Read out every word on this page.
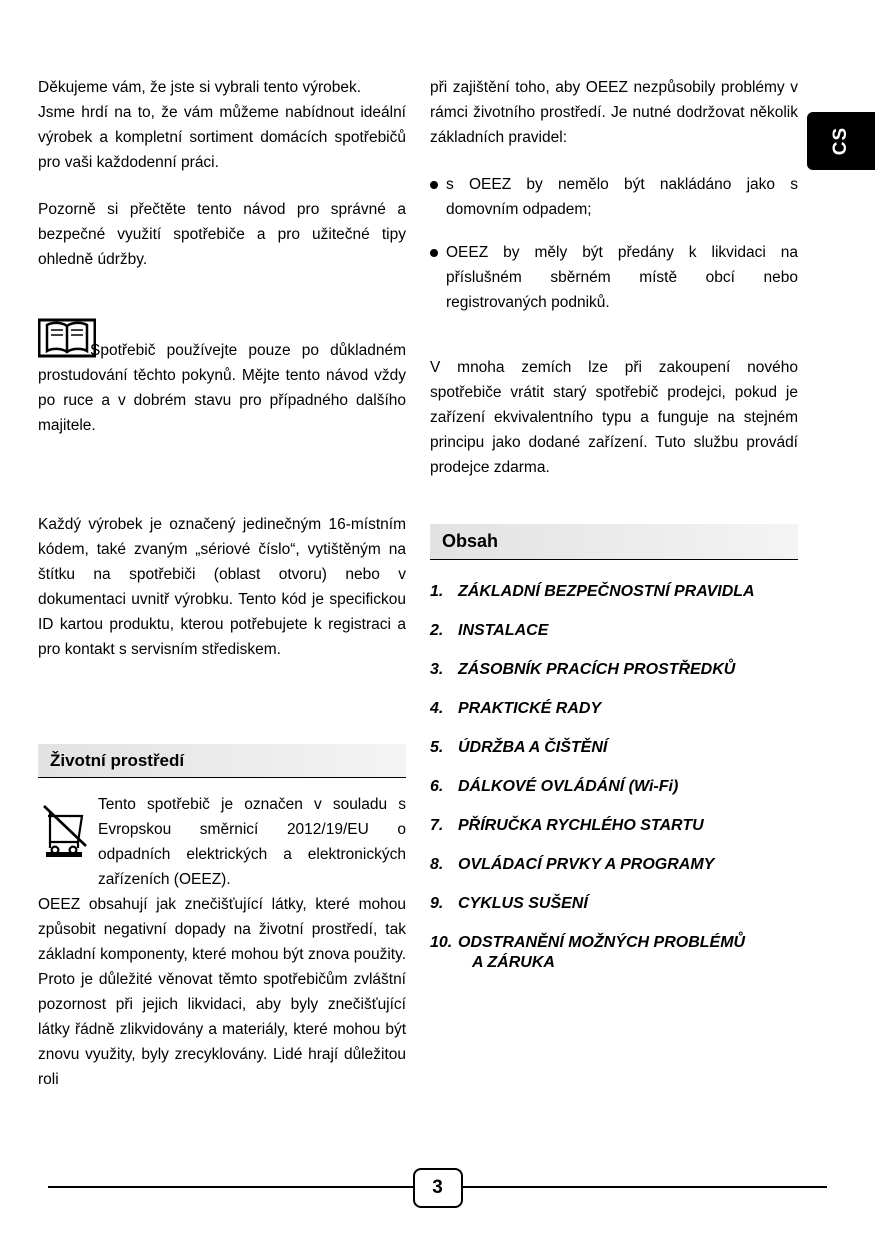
CS

Děkujeme vám, že jste si vybrali tento výrobek.

Jsme hrdí na to, že vám můžeme nabídnout ideální výrobek a kompletní sortiment domácích spotřebičů pro vaši každodenní práci.

Pozorně si přečtěte tento návod pro správné a bezpečné využití spotřebiče a pro užitečné tipy ohledně údržby.

Spotřebič používejte pouze po důkladném prostudování těchto pokynů. Mějte tento návod vždy po ruce a v dobrém stavu pro případného dalšího majitele.

Každý výrobek je označený jedinečným 16-místním kódem, také zvaným „sériové číslo“, vytištěným na štítku na spotřebiči (oblast otvoru) nebo v dokumentaci uvnitř výrobku. Tento kód je specifickou ID kartou produktu, kterou potřebujete k registraci a pro kontakt s servisním střediskem.

Životní prostředí
Tento spotřebič je označen v souladu s Evropskou směrnicí 2012/19/EU o odpadních elektrických a elektronických zařízeních (OEEZ).

OEEZ obsahují jak znečišťující látky, které mohou způsobit negativní dopady na životní prostředí, tak základní komponenty, které mohou být znova použity. Proto je důležité věnovat těmto spotřebičům zvláštní pozornost při jejich likvidaci, aby byly znečišťující látky řádně zlikvidovány a materiály, které mohou být znovu využity, byly zrecyklovány. Lidé hrají důležitou roli

při zajištění toho, aby OEEZ nezpůsobily problémy v rámci životního prostředí. Je nutné dodržovat několik základních pravidel:

s OEEZ by nemělo být nakládáno jako s domovním odpadem;
OEEZ by měly být předány k likvidaci na příslušném sběrném místě obcí nebo registrovaných podniků.

V mnoha zemích lze při zakoupení nového spotřebiče vrátit starý spotřebič prodejci, pokud je zařízení ekvivalentního typu a funguje na stejném principu jako dodané zařízení. Tuto službu provádí prodejce zdarma.

Obsah
1. ZÁKLADNÍ BEZPEČNOSTNÍ PRAVIDLA
2. INSTALACE
3. ZÁSOBNÍK PRACÍCH PROSTŘEDKŮ
4. PRAKTICKÉ RADY
5. ÚDRŽBA A ČIŠTĚNÍ
6. DÁLKOVÉ OVLÁDÁNÍ (Wi-Fi)
7. PŘÍRUČKA RYCHLÉHO STARTU
8. OVLÁDACÍ PRVKY A PROGRAMY
9. CYKLUS SUŠENÍ
10. ODSTRANĚNÍ MOŽNÝCH PROBLÉMŮ
A ZÁRUKA
3
